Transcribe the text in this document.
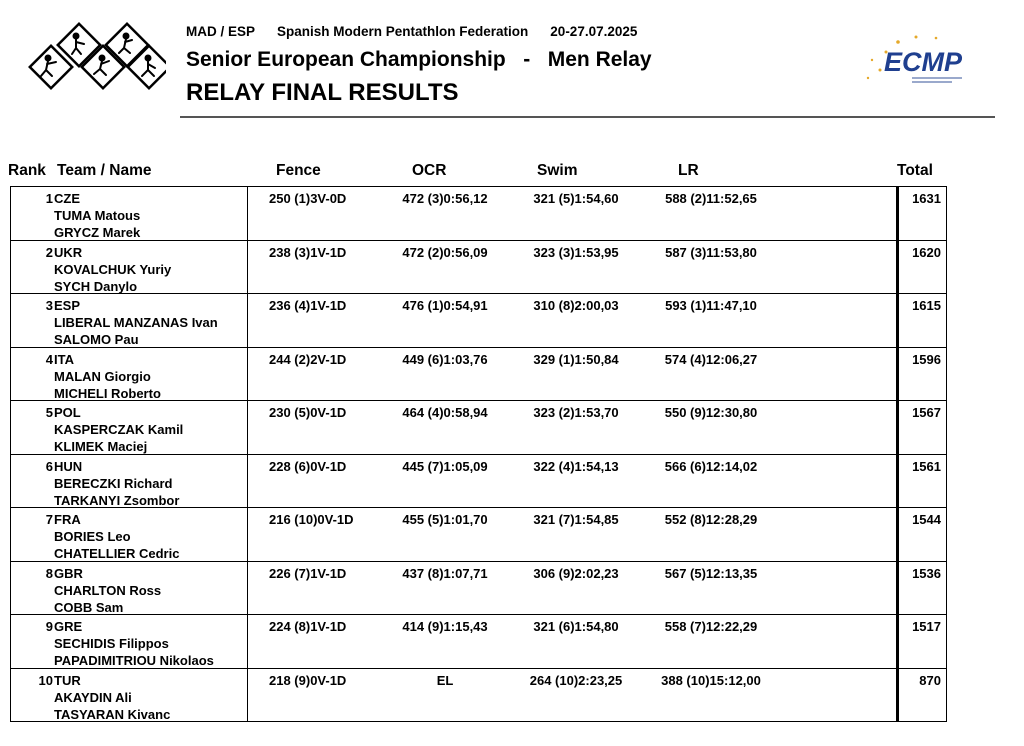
MAD / ESP Spanish Modern Pentathlon Federation 20-27.07.2025
Senior European Championship - Men Relay
RELAY FINAL RESULTS
ECMP
Rank Team / Name	Fence	OCR	Swim	LR	Total
1 CZE
TUMA Matous
GRYCZ Marek
250 (1)3V-0D	472 (3)0:56,12	321 (5)1:54,60	588 (2)11:52,65	1631
2 UKR
KOVALCHUK Yuriy
SYCH Danylo
238 (3)1V-1D	472 (2)0:56,09	323 (3)1:53,95	587 (3)11:53,80	1620
3 ESP
LIBERAL MANZANAS Ivan
SALOMO Pau
236 (4)1V-1D	476 (1)0:54,91	310 (8)2:00,03	593 (1)11:47,10	1615
4 ITA
MALAN Giorgio
MICHELI Roberto
244 (2)2V-1D	449 (6)1:03,76	329 (1)1:50,84	574 (4)12:06,27	1596
5 POL
KASPERCZAK Kamil
KLIMEK Maciej
230 (5)0V-1D	464 (4)0:58,94	323 (2)1:53,70	550 (9)12:30,80	1567
6 HUN
BERECZKI Richard
TARKANYI Zsombor
228 (6)0V-1D	445 (7)1:05,09	322 (4)1:54,13	566 (6)12:14,02	1561
7 FRA
BORIES Leo
CHATELLIER Cedric
216 (10)0V-1D	455 (5)1:01,70	321 (7)1:54,85	552 (8)12:28,29	1544
8 GBR
CHARLTON Ross
COBB Sam
226 (7)1V-1D	437 (8)1:07,71	306 (9)2:02,23	567 (5)12:13,35	1536
9 GRE
SECHIDIS Filippos
PAPADIMITRIOU Nikolaos
224 (8)1V-1D	414 (9)1:15,43	321 (6)1:54,80	558 (7)12:22,29	1517
10 TUR
AKAYDIN Ali
TASYARAN Kivanc
218 (9)0V-1D	EL	264 (10)2:23,25	388 (10)15:12,00	870
